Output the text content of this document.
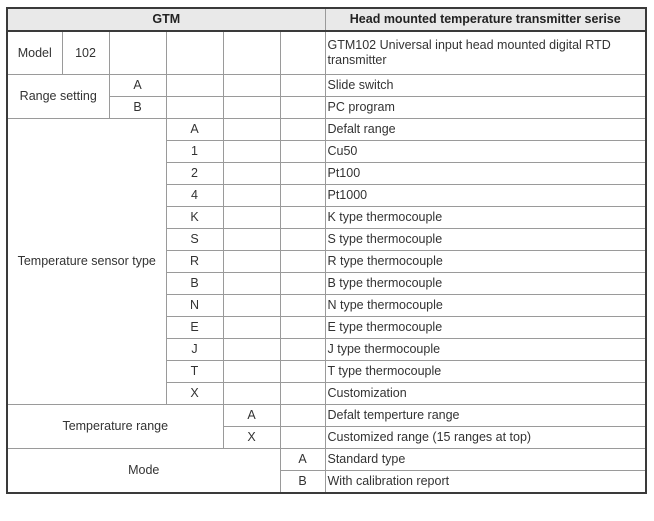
GTM						Head mounted temperature transmitter serise
Model	102					GTM102 Universal input head mounted digital RTD transmitter
Range setting		A				Slide switch
		B				PC program
Temperature sensor type			A			Defalt range
			1			Cu50
			2			Pt100
			4			Pt1000
			K			K type thermocouple
			S			S type thermocouple
			R			R type thermocouple
			B			B type thermocouple
			N			N type thermocouple
			E			E type thermocouple
			J			J type thermocouple
			T			T type thermocouple
			X			Customization
Temperature range				A		Defalt temperture range
				X		Customized range (15 ranges at top)
Mode					A	Standard type
					B	With calibration report
